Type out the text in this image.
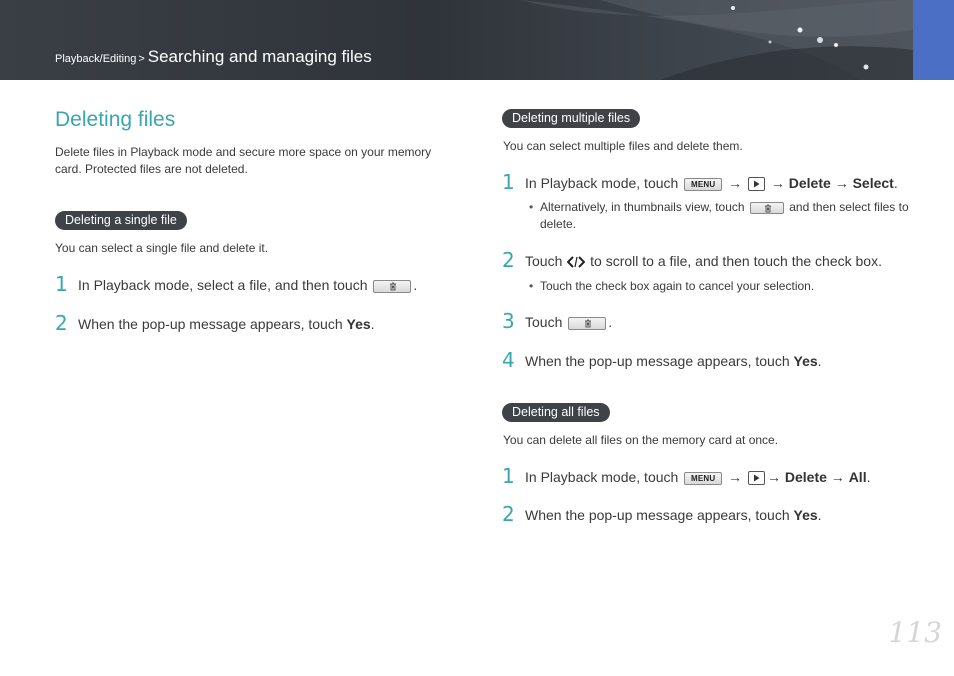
Playback/Editing > Searching and managing files
Deleting files

Delete files in Playback mode and secure more space on your memory card. Protected files are not deleted.

Deleting a single file
You can select a single file and delete it.
1 In Playback mode, select a file, and then touch	.
2 When the pop-up message appears, touch Yes.
Deleting multiple files
You can select multiple files and delete them.
1 In Playback mode, touch MENU → → Delete → Select.
• Alternatively, in thumbnails view, touch	and then select files to delete.
2 Touch to scroll to a file, and then touch the check box.
• Touch the check box again to cancel your selection.
3 Touch	.
4 When the pop-up message appears, touch Yes.
Deleting all files
You can delete all files on the memory card at once.
1 In Playback mode, touch MENU → → Delete → All.
2 When the pop-up message appears, touch Yes.
113
